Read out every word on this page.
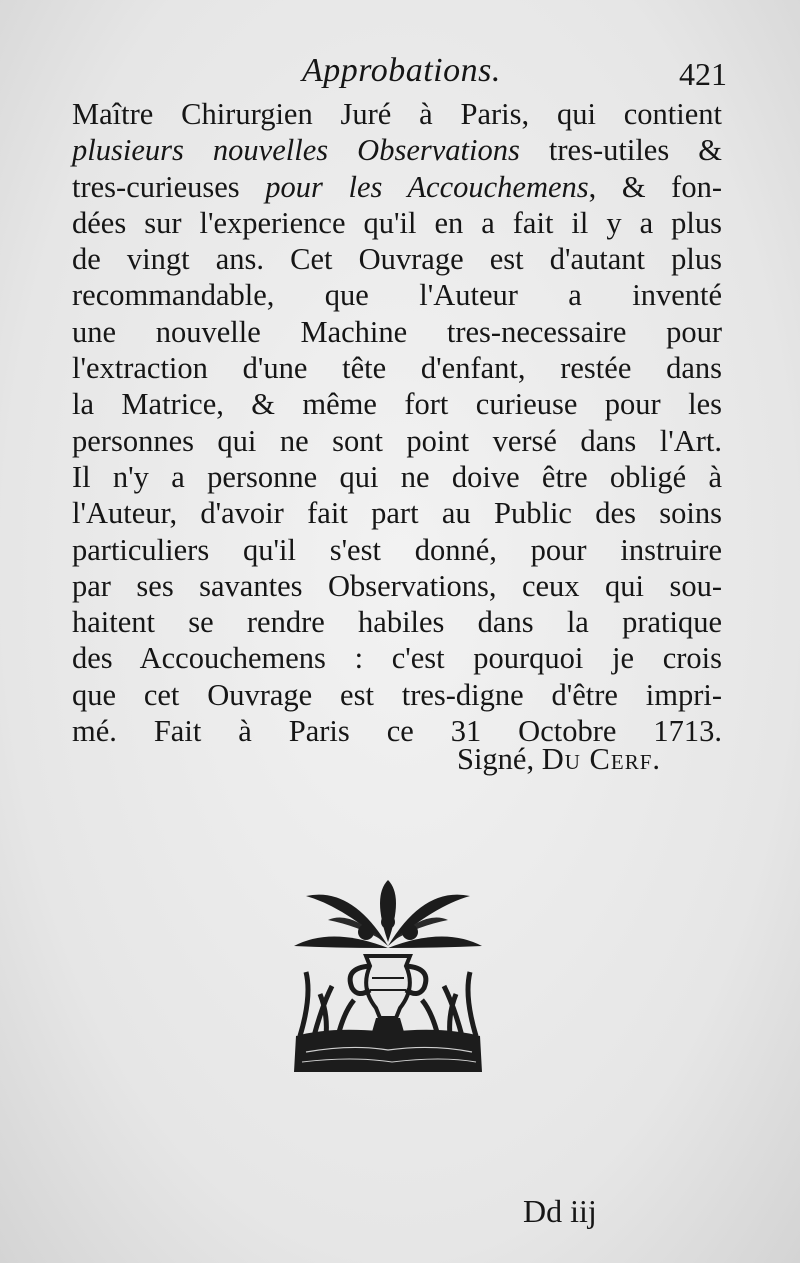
Approbations.	421
Maître Chirurgien Juré à Paris, qui contient
plusieurs nouvelles Observations tres-utiles &
tres-curieuses pour les Accouchemens, & fon-
dées sur l'experience qu'il en a fait il y a plus
de vingt ans. Cet Ouvrage est d'autant plus
recommandable, que l'Auteur a inventé
une nouvelle Machine tres-necessaire pour
l'extraction d'une tête d'enfant, restée dans
la Matrice, & même fort curieuse pour les
personnes qui ne sont point versé dans l'Art.
Il n'y a personne qui ne doive être obligé à
l'Auteur, d'avoir fait part au Public des soins
particuliers qu'il s'est donné, pour instruire
par ses savantes Observations, ceux qui sou-
haitent se rendre habiles dans la pratique
des Accouchemens : c'est pourquoi je crois
que cet Ouvrage est tres-digne d'être impri-
mé. Fait à Paris ce 31 Octobre 1713.
Signé, Du Cerf.
Dd iij
